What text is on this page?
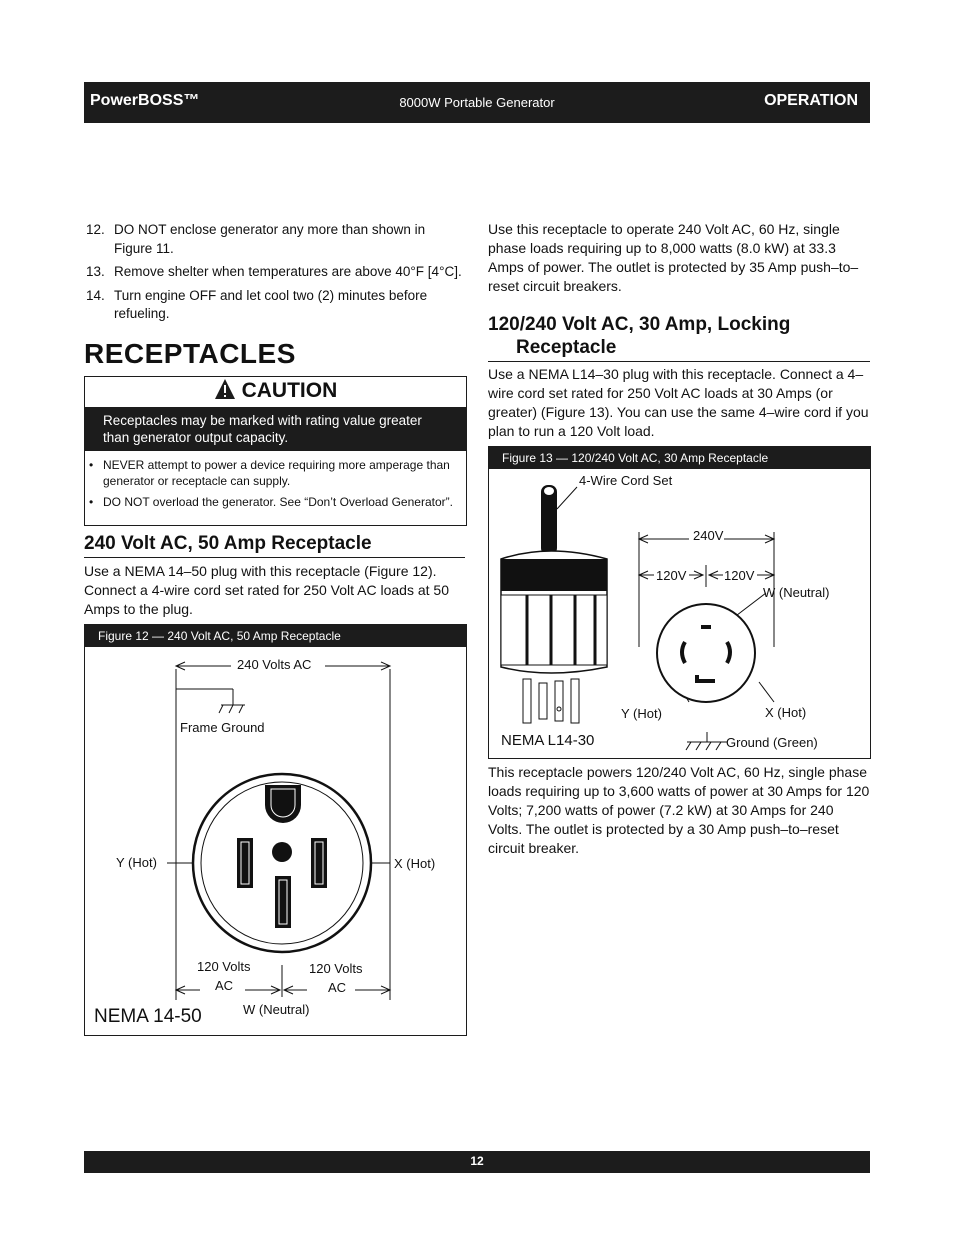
PowerBOSS™	8000W Portable Generator	OPERATION
12. DO NOT enclose generator any more than shown in Figure 11.
13. Remove shelter when temperatures are above 40°F [4°C].
14. Turn engine OFF and let cool two (2) minutes before refueling.
RECEPTACLES
CAUTION
Receptacles may be marked with rating value greater than generator output capacity.
• NEVER attempt to power a device requiring more amperage than generator or receptacle can supply.
• DO NOT overload the generator. See “Don’t Overload Generator”.
240 Volt AC, 50 Amp Receptacle
Use a NEMA 14–50 plug with this receptacle (Figure 12). Connect a 4-wire cord set rated for 250 Volt AC loads at 50 Amps to the plug.
Figure 12 — 240 Volt AC, 50 Amp Receptacle
240 Volts AC
Frame Ground
Y (Hot)	X (Hot)
120 Volts
AC
120 Volts
AC
W (Neutral)
NEMA 14-50
Use this receptacle to operate 240 Volt AC, 60 Hz, single phase loads requiring up to 8,000 watts (8.0 kW) at 33.3 Amps of power. The outlet is protected by 35 Amp push–to–reset circuit breakers.
120/240 Volt AC, 30 Amp, Locking
Receptacle
Use a NEMA L14–30 plug with this receptacle. Connect a 4–wire cord set rated for 250 Volt AC loads at 30 Amps (or greater) (Figure 13). You can use the same 4–wire cord if you plan to run a 120 Volt load.
Figure 13 — 120/240 Volt AC, 30 Amp Receptacle
4-Wire Cord Set
240V
120V	120V
W (Neutral)
Y (Hot)	X (Hot)
NEMA L14-30	Ground (Green)
This receptacle powers 120/240 Volt AC, 60 Hz, single phase loads requiring up to 3,600 watts of power at 30 Amps for 120 Volts; 7,200 watts of power (7.2 kW) at 30 Amps for 240 Volts. The outlet is protected by a 30 Amp push–to–reset circuit breaker.
12
